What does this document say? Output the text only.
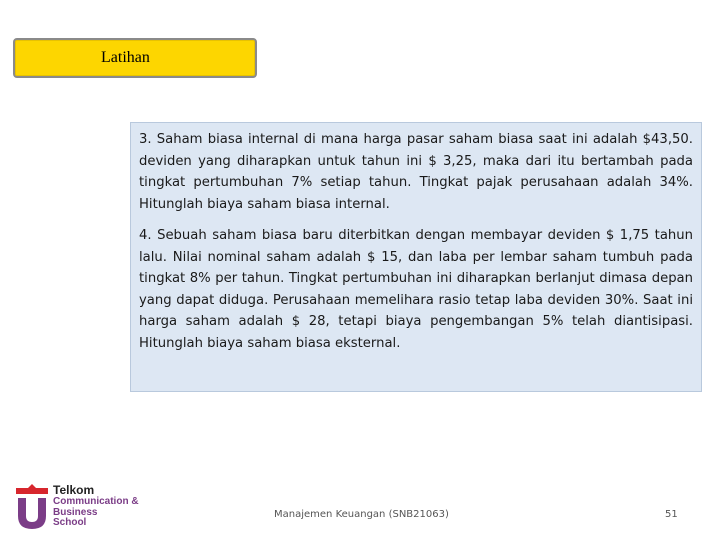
Latihan

3. Saham biasa internal di mana harga pasar saham biasa saat ini adalah $43,50. deviden yang diharapkan untuk tahun ini $ 3,25, maka dari itu bertambah pada tingkat pertumbuhan 7% setiap tahun. Tingkat pajak perusahaan adalah 34%. Hitunglah biaya saham biasa internal.

4. Sebuah saham biasa baru diterbitkan dengan membayar deviden $ 1,75 tahun lalu. Nilai nominal saham adalah $ 15, dan laba per lembar saham tumbuh pada tingkat 8% per tahun. Tingkat pertumbuhan ini diharapkan berlanjut dimasa depan yang dapat diduga. Perusahaan memelihara rasio tetap laba deviden 30%. Saat ini harga saham adalah $ 28, tetapi biaya pengembangan 5% telah diantisipasi. Hitunglah biaya saham biasa eksternal.

Telkom
Communication &
Business
School
Manajemen Keuangan (SNB21063)	51
